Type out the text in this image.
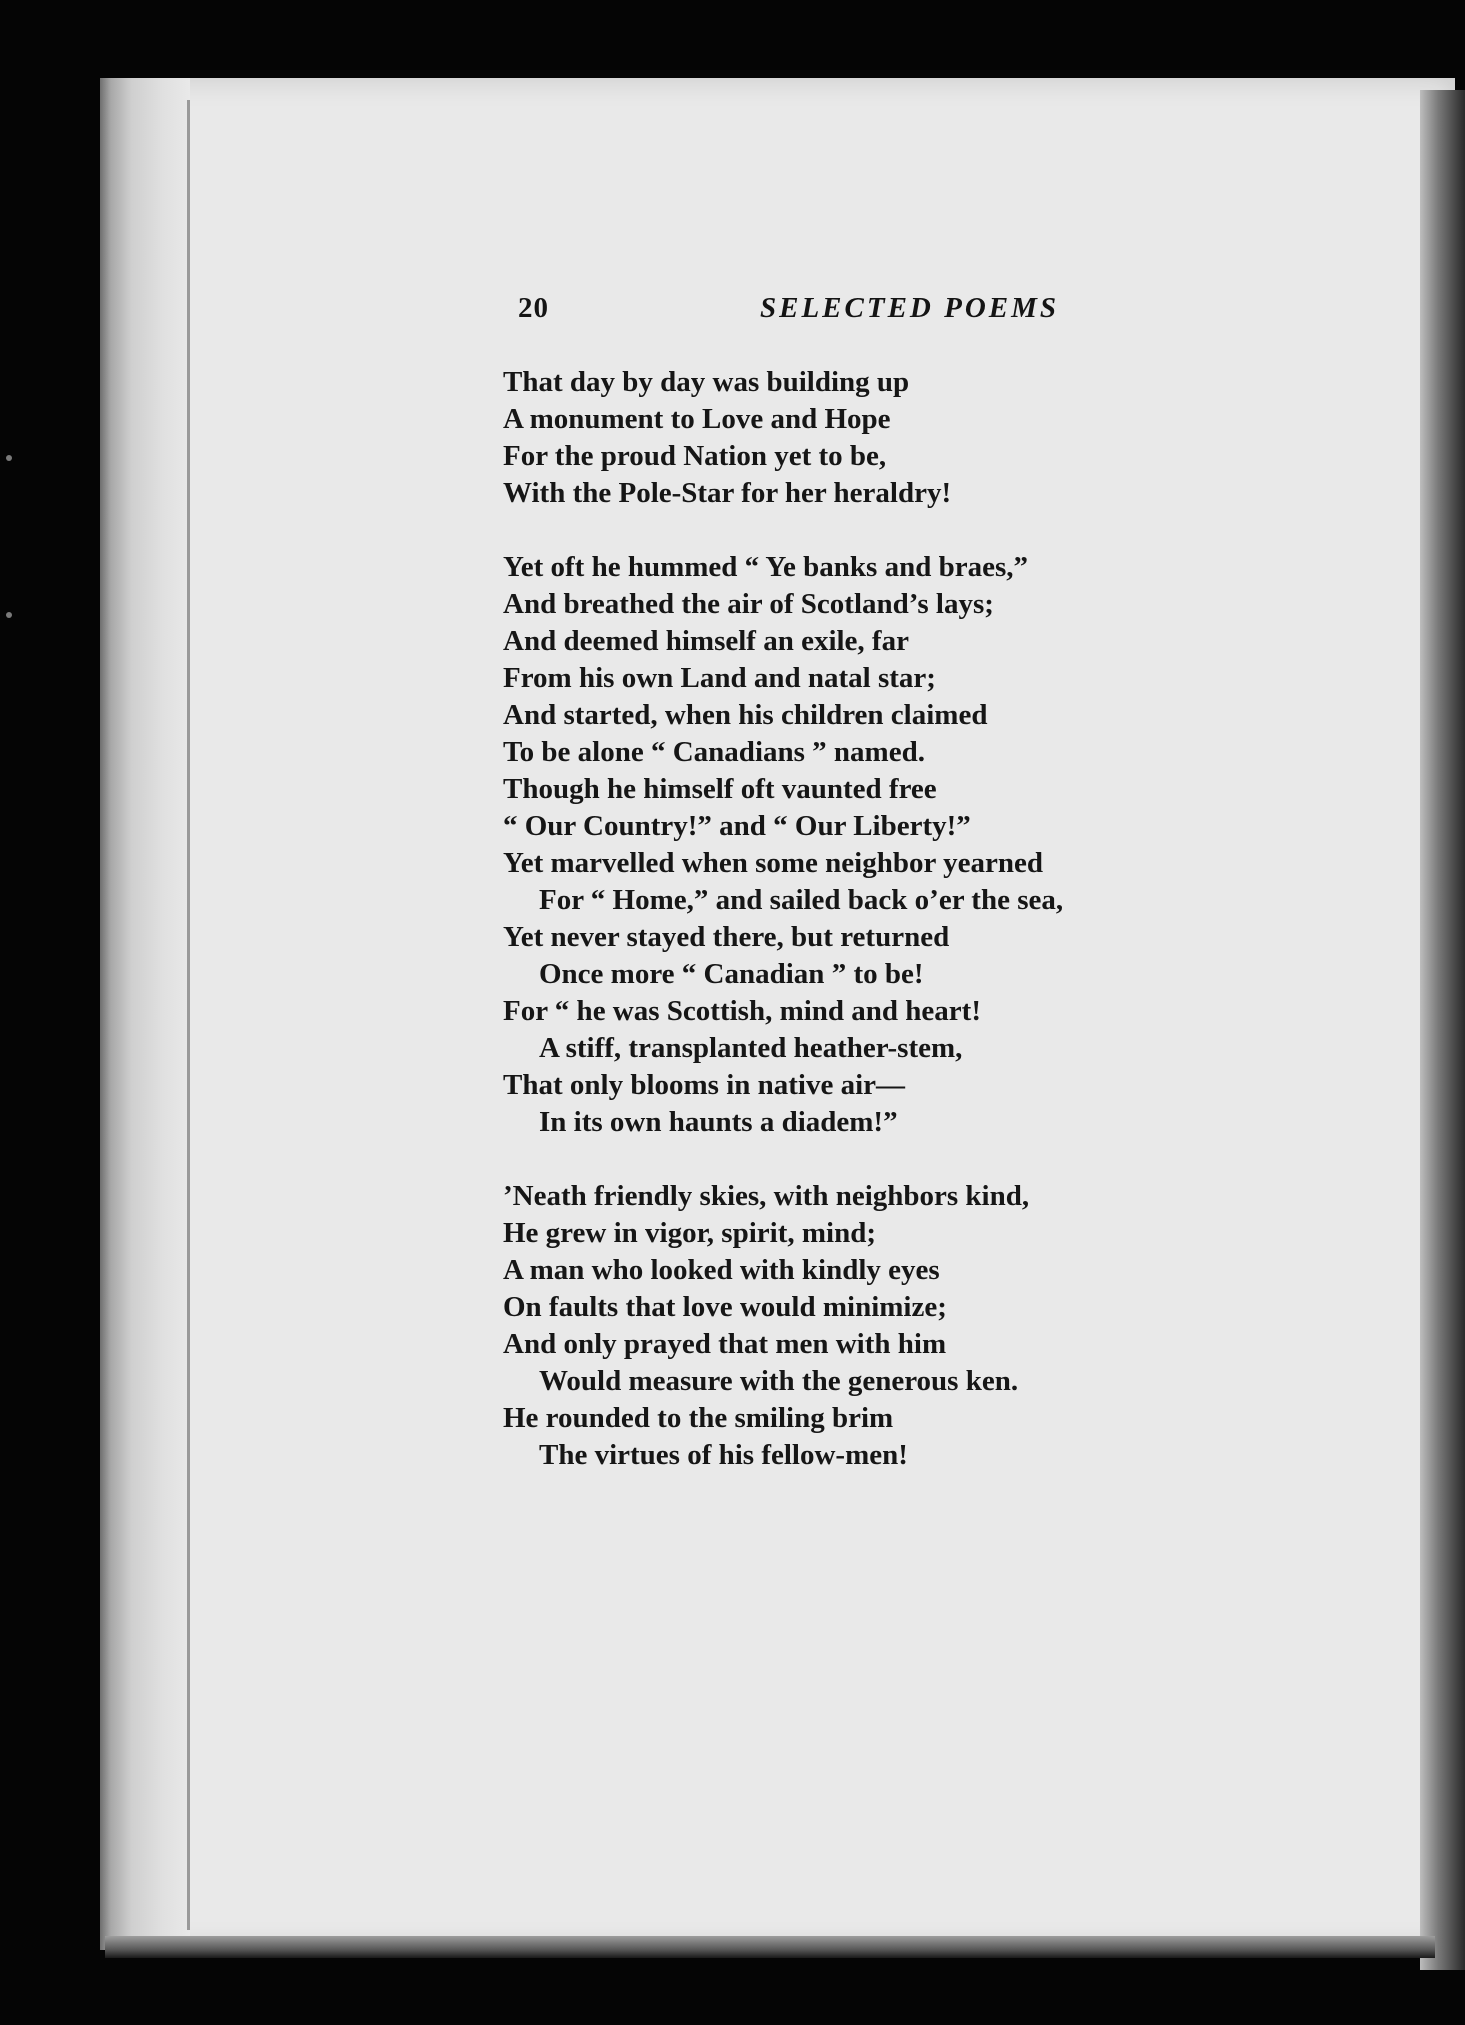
20	SELECTED POEMS
That day by day was building up
A monument to Love and Hope
For the proud Nation yet to be,
With the Pole-Star for her heraldry!
Yet oft he hummed “ Ye banks and braes,”
And breathed the air of Scotland’s lays;
And deemed himself an exile, far
From his own Land and natal star;
And started, when his children claimed
To be alone “ Canadians ” named.
Though he himself oft vaunted free
“ Our Country!” and “ Our Liberty!”
Yet marvelled when some neighbor yearned
For “ Home,” and sailed back o’er the sea,
Yet never stayed there, but returned
Once more “ Canadian ” to be!
For “ he was Scottish, mind and heart!
A stiff, transplanted heather-stem,
That only blooms in native air—
In its own haunts a diadem!”
’Neath friendly skies, with neighbors kind,
He grew in vigor, spirit, mind;
A man who looked with kindly eyes
On faults that love would minimize;
And only prayed that men with him
Would measure with the generous ken.
He rounded to the smiling brim
The virtues of his fellow-men!
